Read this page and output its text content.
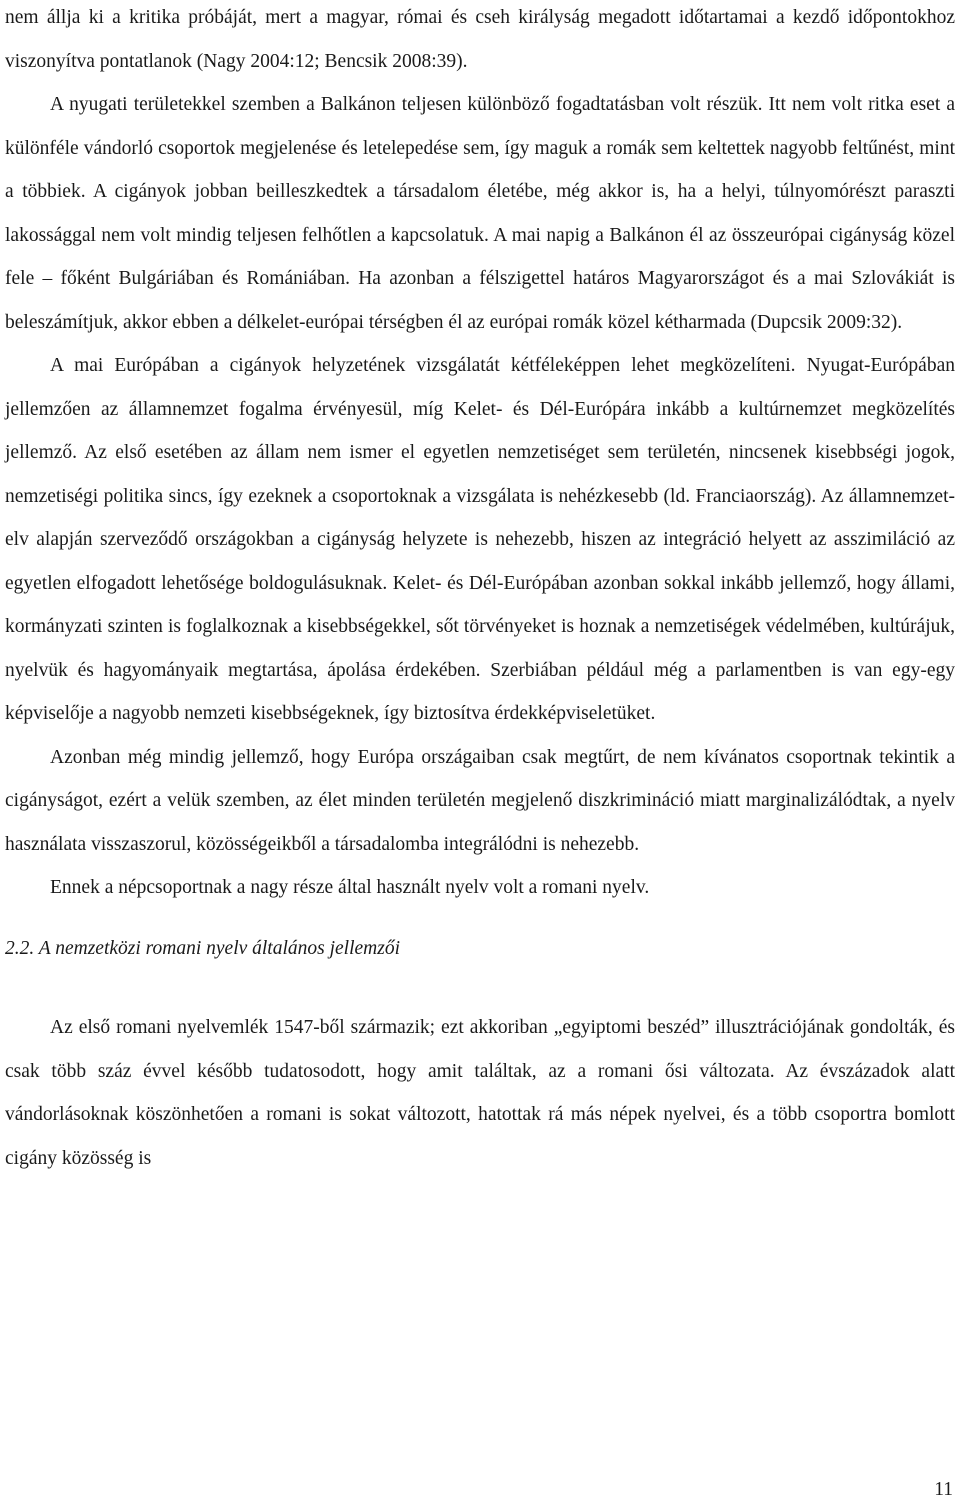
nem állja ki a kritika próbáját, mert a magyar, római és cseh királyság megadott időtartamai a kezdő időpontokhoz viszonyítva pontatlanok (Nagy 2004:12; Bencsik 2008:39).

A nyugati területekkel szemben a Balkánon teljesen különböző fogadtatásban volt részük. Itt nem volt ritka eset a különféle vándorló csoportok megjelenése és letelepedése sem, így maguk a romák sem keltettek nagyobb feltűnést, mint a többiek. A cigányok jobban beilleszkedtek a társadalom életébe, még akkor is, ha a helyi, túlnyomórészt paraszti lakossággal nem volt mindig teljesen felhőtlen a kapcsolatuk. A mai napig a Balkánon él az összeurópai cigányság közel fele – főként Bulgáriában és Romániában. Ha azonban a félszigettel határos Magyarországot és a mai Szlovákiát is beleszámítjuk, akkor ebben a délkelet-európai térségben él az európai romák közel kétharmada (Dupcsik 2009:32).

A mai Európában a cigányok helyzetének vizsgálatát kétféleképpen lehet megközelíteni. Nyugat-Európában jellemzően az államnemzet fogalma érvényesül, míg Kelet- és Dél-Európára inkább a kultúrnemzet megközelítés jellemző. Az első esetében az állam nem ismer el egyetlen nemzetiséget sem területén, nincsenek kisebbségi jogok, nemzetiségi politika sincs, így ezeknek a csoportoknak a vizsgálata is nehézkesebb (ld. Franciaország). Az államnemzet-elv alapján szerveződő országokban a cigányság helyzete is nehezebb, hiszen az integráció helyett az asszimiláció az egyetlen elfogadott lehetősége boldogulásuknak. Kelet- és Dél-Európában azonban sokkal inkább jellemző, hogy állami, kormányzati szinten is foglalkoznak a kisebbségekkel, sőt törvényeket is hoznak a nemzetiségek védelmében, kultúrájuk, nyelvük és hagyományaik megtartása, ápolása érdekében. Szerbiában például még a parlamentben is van egy-egy képviselője a nagyobb nemzeti kisebbségeknek, így biztosítva érdekképviseletüket.

Azonban még mindig jellemző, hogy Európa országaiban csak megtűrt, de nem kívánatos csoportnak tekintik a cigányságot, ezért a velük szemben, az élet minden területén megjelenő diszkrimináció miatt marginalizálódtak, a nyelv használata visszaszorul, közösségeikből a társadalomba integrálódni is nehezebb.

Ennek a népcsoportnak a nagy része által használt nyelv volt a romani nyelv.

2.2. A nemzetközi romani nyelv általános jellemzői

Az első romani nyelvemlék 1547-ből származik; ezt akkoriban „egyiptomi beszéd” illusztrációjának gondolták, és csak több száz évvel később tudatosodott, hogy amit találtak, az a romani ősi változata. Az évszázadok alatt vándorlásoknak köszönhetően a romani is sokat változott, hatottak rá más népek nyelvei, és a több csoportra bomlott cigány közösség is

11
